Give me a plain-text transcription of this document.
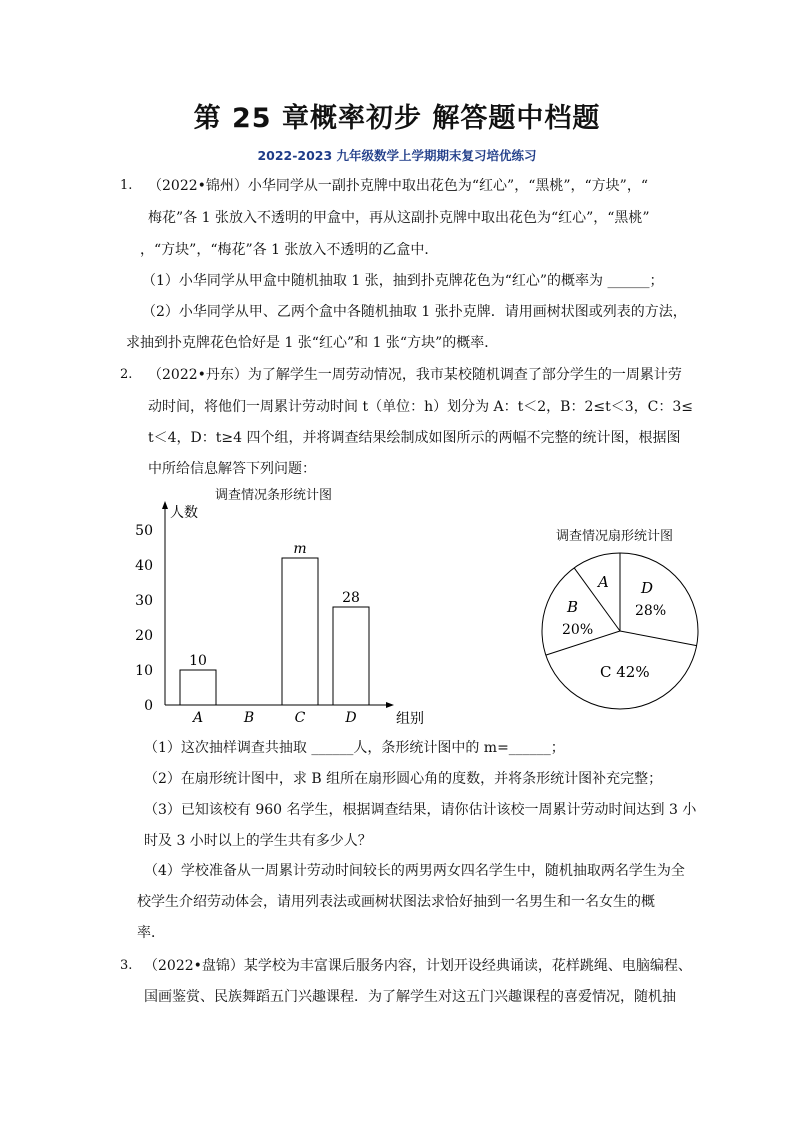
第 25 章概率初步 解答题中档题
2022-2023 九年级数学上学期期末复习培优练习
1. （2022•锦州）小华同学从一副扑克牌中取出花色为“红心”，“黑桃”，“方块”，“
梅花”各 1 张放入不透明的甲盒中，再从这副扑克牌中取出花色为“红心”，“黑桃”
，“方块”，“梅花”各 1 张放入不透明的乙盒中．
（1）小华同学从甲盒中随机抽取 1 张，抽到扑克牌花色为“红心”的概率为 ______；
（2）小华同学从甲、乙两个盒中各随机抽取 1 张扑克牌．请用画树状图或列表的方法，
求抽到扑克牌花色恰好是 1 张“红心”和 1 张“方块”的概率．
2. （2022•丹东）为了解学生一周劳动情况，我市某校随机调查了部分学生的一周累计劳
动时间，将他们一周累计劳动时间 t（单位：h）划分为 A：t＜2，B：2≤t＜3，C：3≤
t＜4，D：t≥4 四个组，并将调查结果绘制成如图所示的两幅不完整的统计图，根据图
中所给信息解答下列问题：
调查情况条形统计图
调查情况扇形统计图
人数
组别
0
10
20
30
40
50
A	B	C	D
10
m
28
A
B
20%
D
28%
C 42%
（1）这次抽样调查共抽取 ______人，条形统计图中的 m=______；
（2）在扇形统计图中，求 B 组所在扇形圆心角的度数，并将条形统计图补充完整；
（3）已知该校有 960 名学生，根据调查结果，请你估计该校一周累计劳动时间达到 3 小
时及 3 小时以上的学生共有多少人？
（4）学校准备从一周累计劳动时间较长的两男两女四名学生中，随机抽取两名学生为全
校学生介绍劳动体会，请用列表法或画树状图法求恰好抽到一名男生和一名女生的概
率．
3. （2022•盘锦）某学校为丰富课后服务内容，计划开设经典诵读，花样跳绳、电脑编程、
国画鉴赏、民族舞蹈五门兴趣课程．为了解学生对这五门兴趣课程的喜爱情况，随机抽
